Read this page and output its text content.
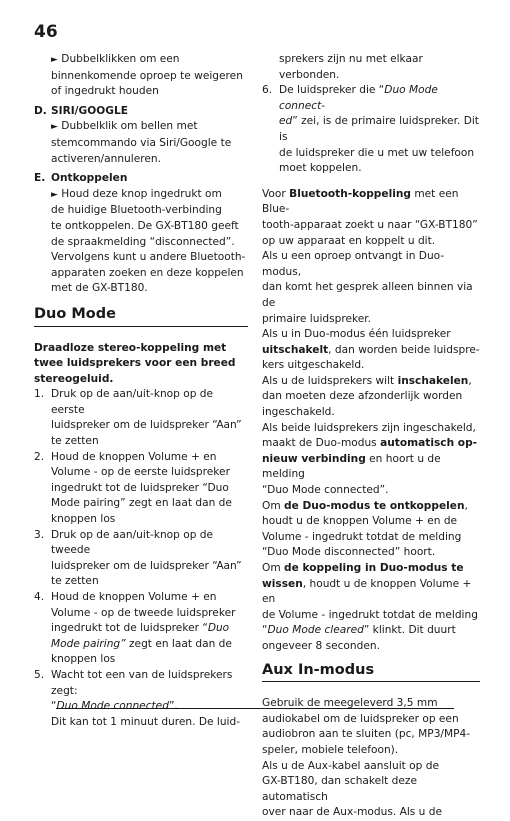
46

► Dubbelklikken om een

binnenkomende oproep te weigeren

of ingedrukt houden

D. SIRI/GOOGLE

► Dubbelklik om bellen met

stemcommando via Siri/Google te

activeren/annuleren.

E. Ontkoppelen

► Houd deze knop ingedrukt om

de huidige Bluetooth-verbinding

te ontkoppelen. De GX-BT180 geeft

de spraakmelding “disconnected”.

Vervolgens kunt u andere Bluetooth-

apparaten zoeken en deze koppelen

met de GX-BT180.

Duo Mode

Draadloze stereo-koppeling met

twee luidsprekers voor een breed

stereogeluid.

1. Druk op de aan/uit-knop op de eerste

luidspreker om de luidspreker “Aan”

te zetten

2. Houd de knoppen Volume + en

Volume - op de eerste luidspreker

ingedrukt tot de luidspreker “Duo

Mode pairing” zegt en laat dan de

knoppen los

3. Druk op de aan/uit-knop op de tweede

luidspreker om de luidspreker “Aan”

te zetten

4. Houd de knoppen Volume + en

Volume - op de tweede luidspreker

ingedrukt tot de luidspreker “Duo

Mode pairing” zegt en laat dan de

knoppen los

5. Wacht tot een van de luidsprekers zegt:

“Duo Mode connected”.

Dit kan tot 1 minuut duren. De luid-

sprekers zijn nu met elkaar verbonden.

6. De luidspreker die “Duo Mode connect-

ed” zei, is de primaire luidspreker. Dit is

de luidspreker die u met uw telefoon

moet koppelen.

Voor Bluetooth-koppeling met een Blue-

tooth-apparaat zoekt u naar “GX-BT180”

op uw apparaat en koppelt u dit.

Als u een oproep ontvangt in Duo-modus,

dan komt het gesprek alleen binnen via de

primaire luidspreker.

Als u in Duo-modus één luidspreker

uitschakelt, dan worden beide luidspre-

kers uitgeschakeld.

Als u de luidsprekers wilt inschakelen,

dan moeten deze afzonderlijk worden

ingeschakeld.

Als beide luidsprekers zijn ingeschakeld,

maakt de Duo-modus automatisch op-

nieuw verbinding en hoort u de melding

“Duo Mode connected”.

Om de Duo-modus te ontkoppelen,

houdt u de knoppen Volume + en de

Volume - ingedrukt totdat de melding

“Duo Mode disconnected” hoort.

Om de koppeling in Duo-modus te

wissen, houdt u de knoppen Volume + en

de Volume - ingedrukt totdat de melding

“Duo Mode cleared” klinkt. Dit duurt

ongeveer 8 seconden.

Aux In-modus

Gebruik de meegeleverd 3,5 mm

audiokabel om de luidspreker op een

audiobron aan te sluiten (pc, MP3/MP4-

speler, mobiele telefoon).

Als u de Aux-kabel aansluit op de

GX-BT180, dan schakelt deze automatisch

over naar de Aux-modus. Als u de
